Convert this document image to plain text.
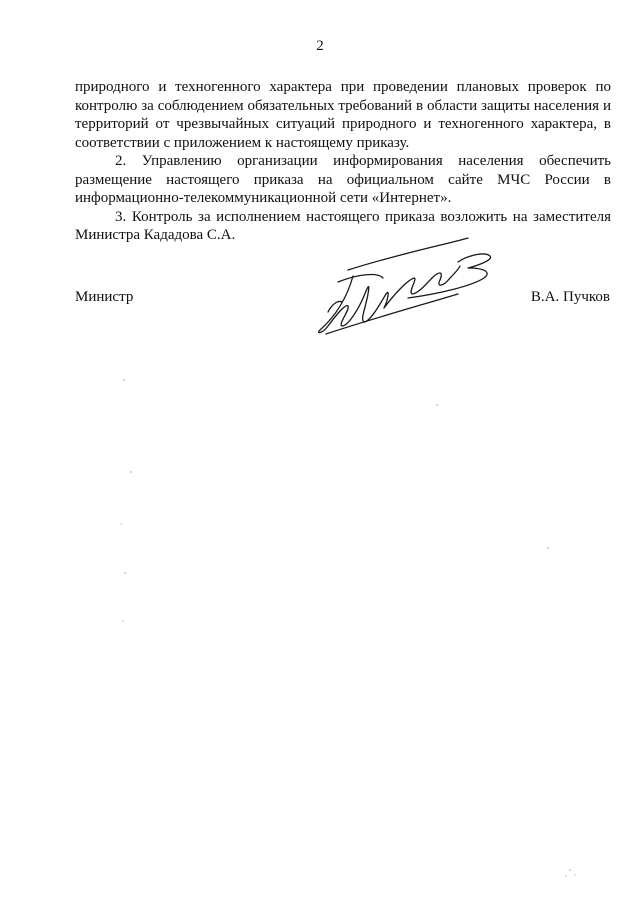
2

природного и техногенного характера при проведении плановых проверок по контролю за соблюдением обязательных требований в области защиты населения и территорий от чрезвычайных ситуаций природного и техногенного характера, в соответствии с приложением к настоящему приказу.

2. Управлению организации информирования населения обеспечить размещение настоящего приказа на официальном сайте МЧС России в информационно-телекоммуникационной сети «Интернет».

3. Контроль за исполнением настоящего приказа возложить на заместителя Министра Кададова С.А.

Министр	В.А. Пучков
